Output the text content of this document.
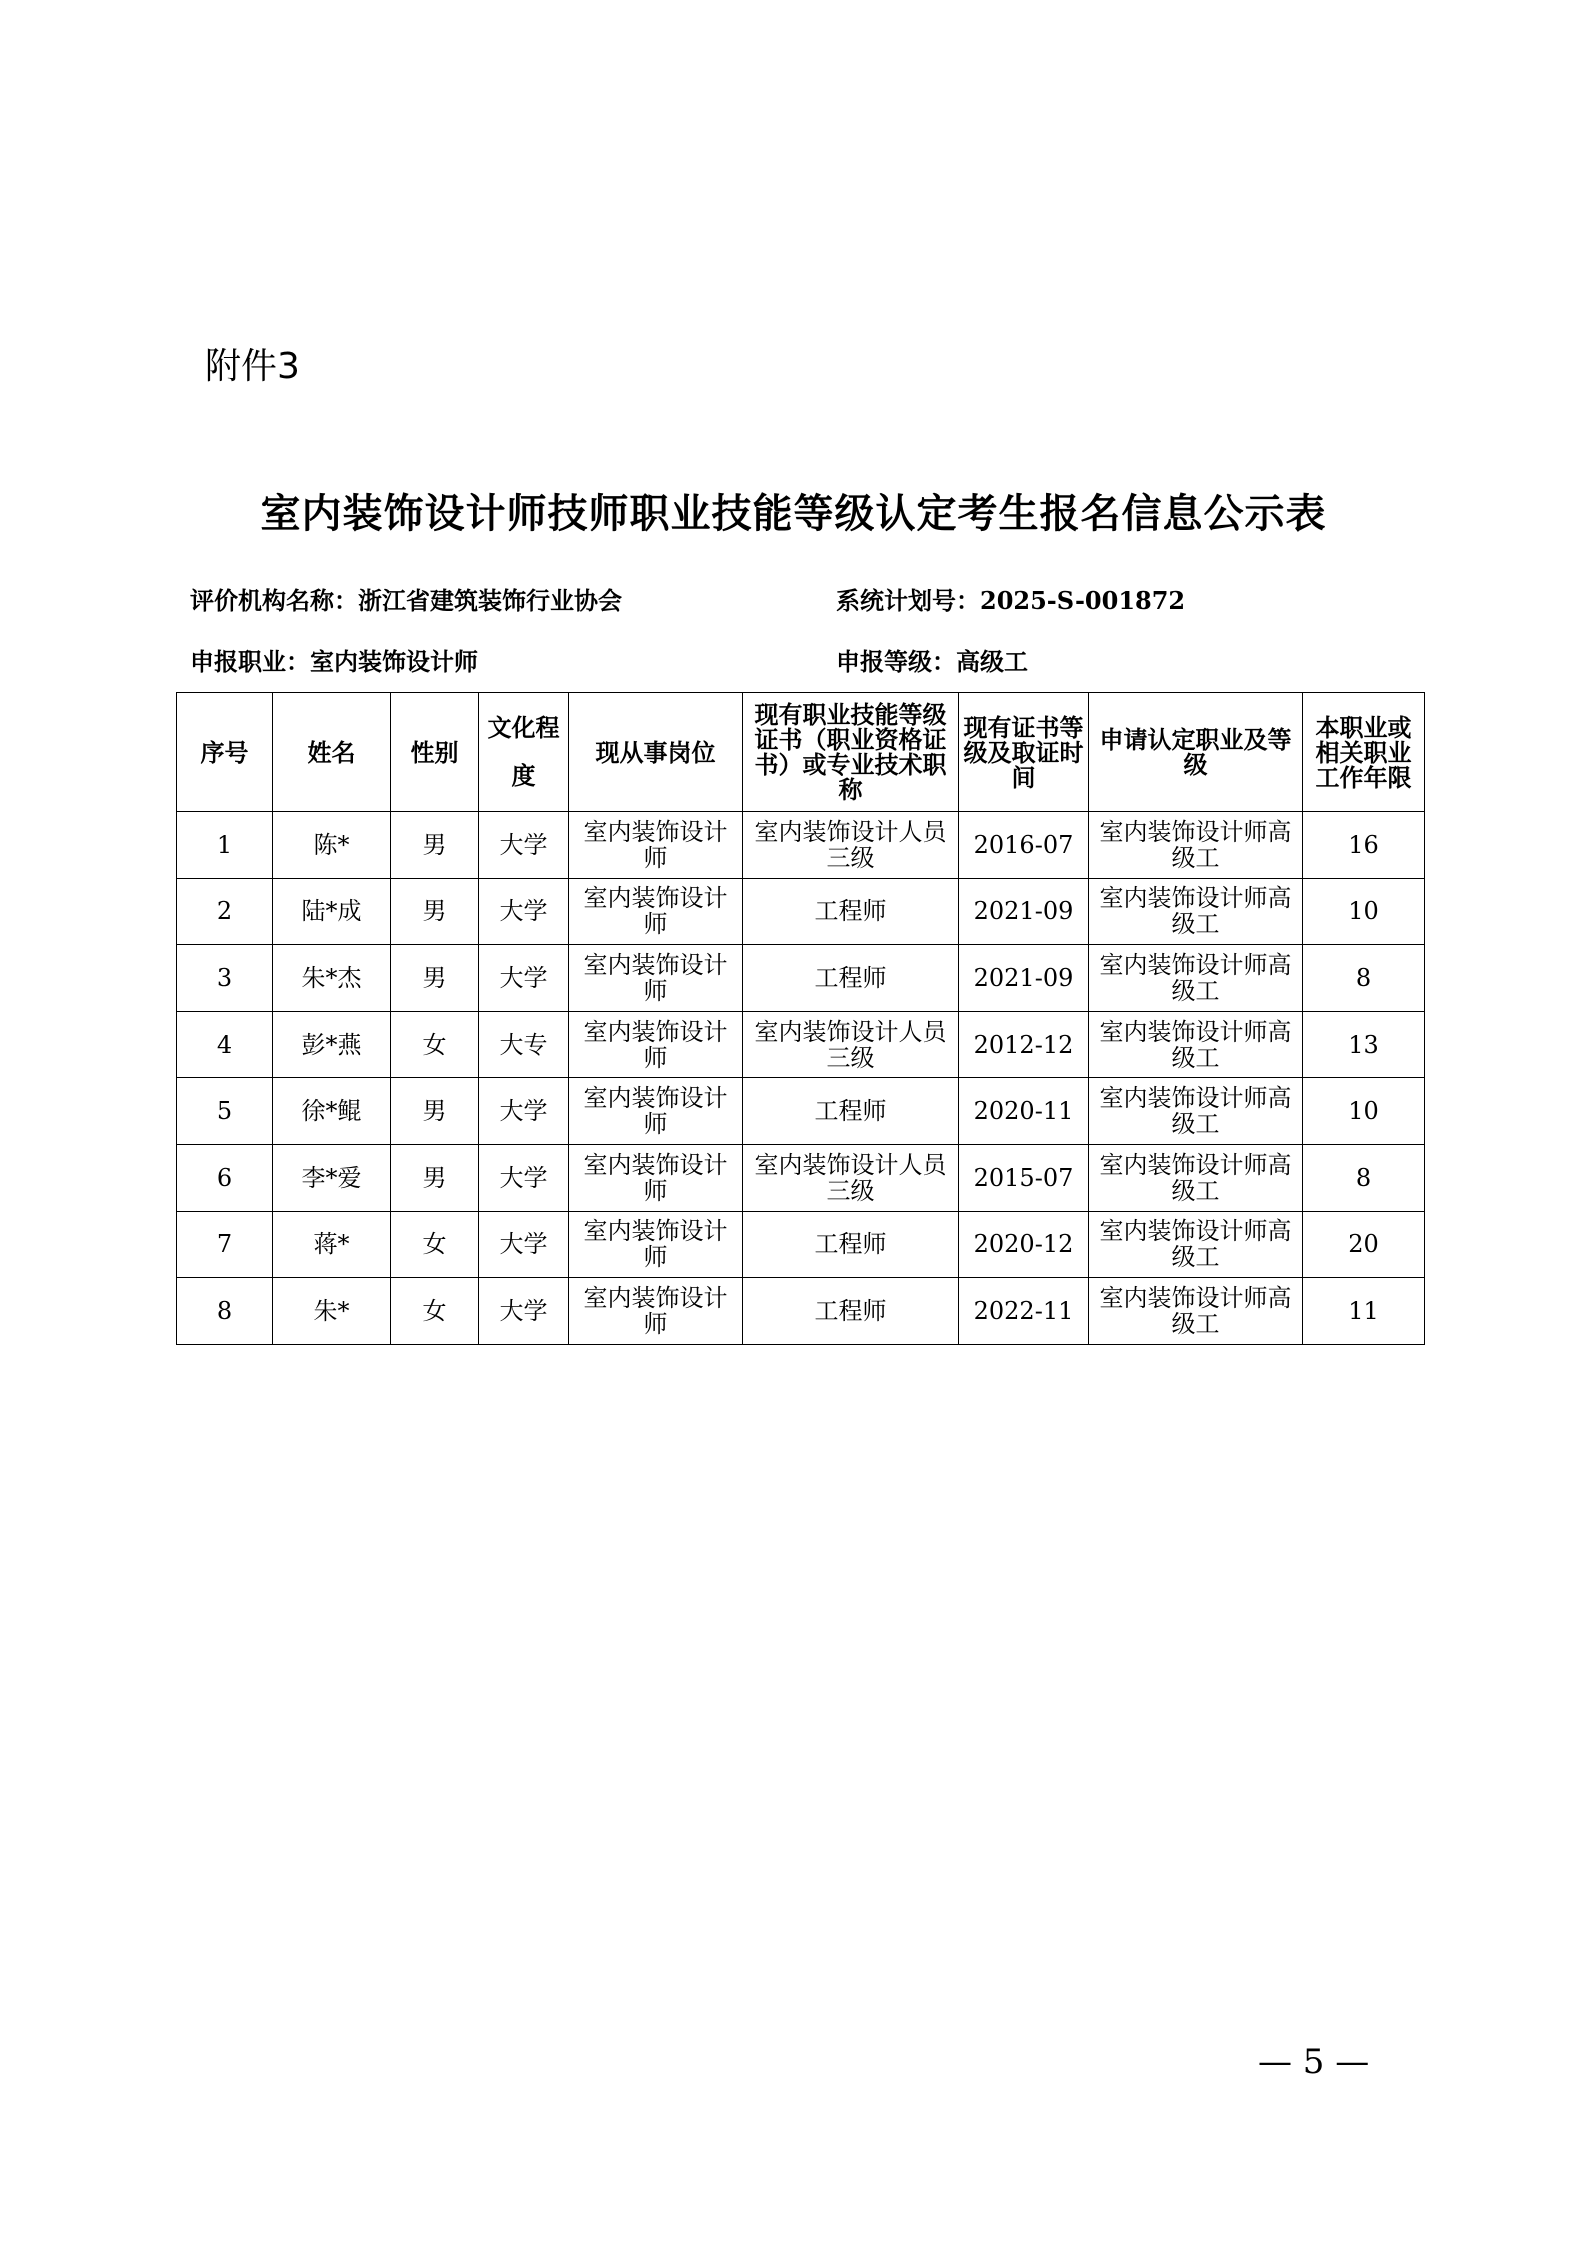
附件3
室内装饰设计师技师职业技能等级认定考生报名信息公示表
评价机构名称：浙江省建筑装饰行业协会	系统计划号：2025-S-001872
申报职业：室内装饰设计师	申报等级：高级工
序号	姓名	性别	文化程度	现从事岗位	现有职业技能等级证书（职业资格证书）或专业技术职称	现有证书等级及取证时间	申请认定职业及等级	本职业或相关职业工作年限
1	陈*	男	大学	室内装饰设计师	室内装饰设计人员三级	2016-07	室内装饰设计师高级工	16
2	陆*成	男	大学	室内装饰设计师	工程师	2021-09	室内装饰设计师高级工	10
3	朱*杰	男	大学	室内装饰设计师	工程师	2021-09	室内装饰设计师高级工	8
4	彭*燕	女	大专	室内装饰设计师	室内装饰设计人员三级	2012-12	室内装饰设计师高级工	13
5	徐*鲲	男	大学	室内装饰设计师	工程师	2020-11	室内装饰设计师高级工	10
6	李*爱	男	大学	室内装饰设计师	室内装饰设计人员三级	2015-07	室内装饰设计师高级工	8
7	蒋*	女	大学	室内装饰设计师	工程师	2020-12	室内装饰设计师高级工	20
8	朱*	女	大学	室内装饰设计师	工程师	2022-11	室内装饰设计师高级工	11
— 5 —
